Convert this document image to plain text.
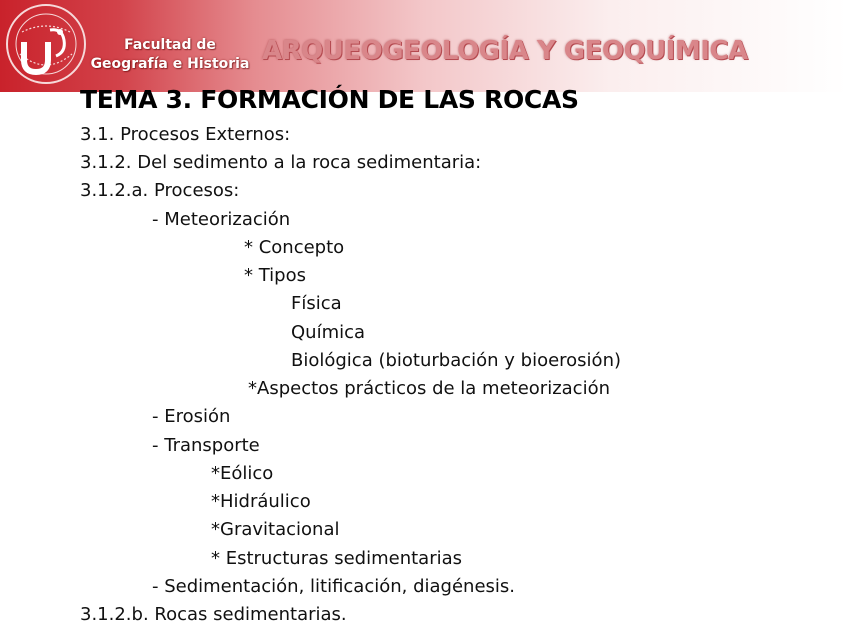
Facultad de
Geografía e Historia ARQUEOGEOLOGÍA Y GEOQUÍMICA
TEMA 3. FORMACIÓN DE LAS ROCAS
3.1. Procesos Externos:
3.1.2. Del sedimento a la roca sedimentaria:
3.1.2.a. Procesos:
- Meteorización
* Concepto
* Tipos
Física
Química
Biológica (bioturbación y bioerosión)
*Aspectos prácticos de la meteorización
- Erosión
- Transporte
*Eólico
*Hidráulico
*Gravitacional
* Estructuras sedimentarias
- Sedimentación, litificación, diagénesis.
3.1.2.b. Rocas sedimentarias.
